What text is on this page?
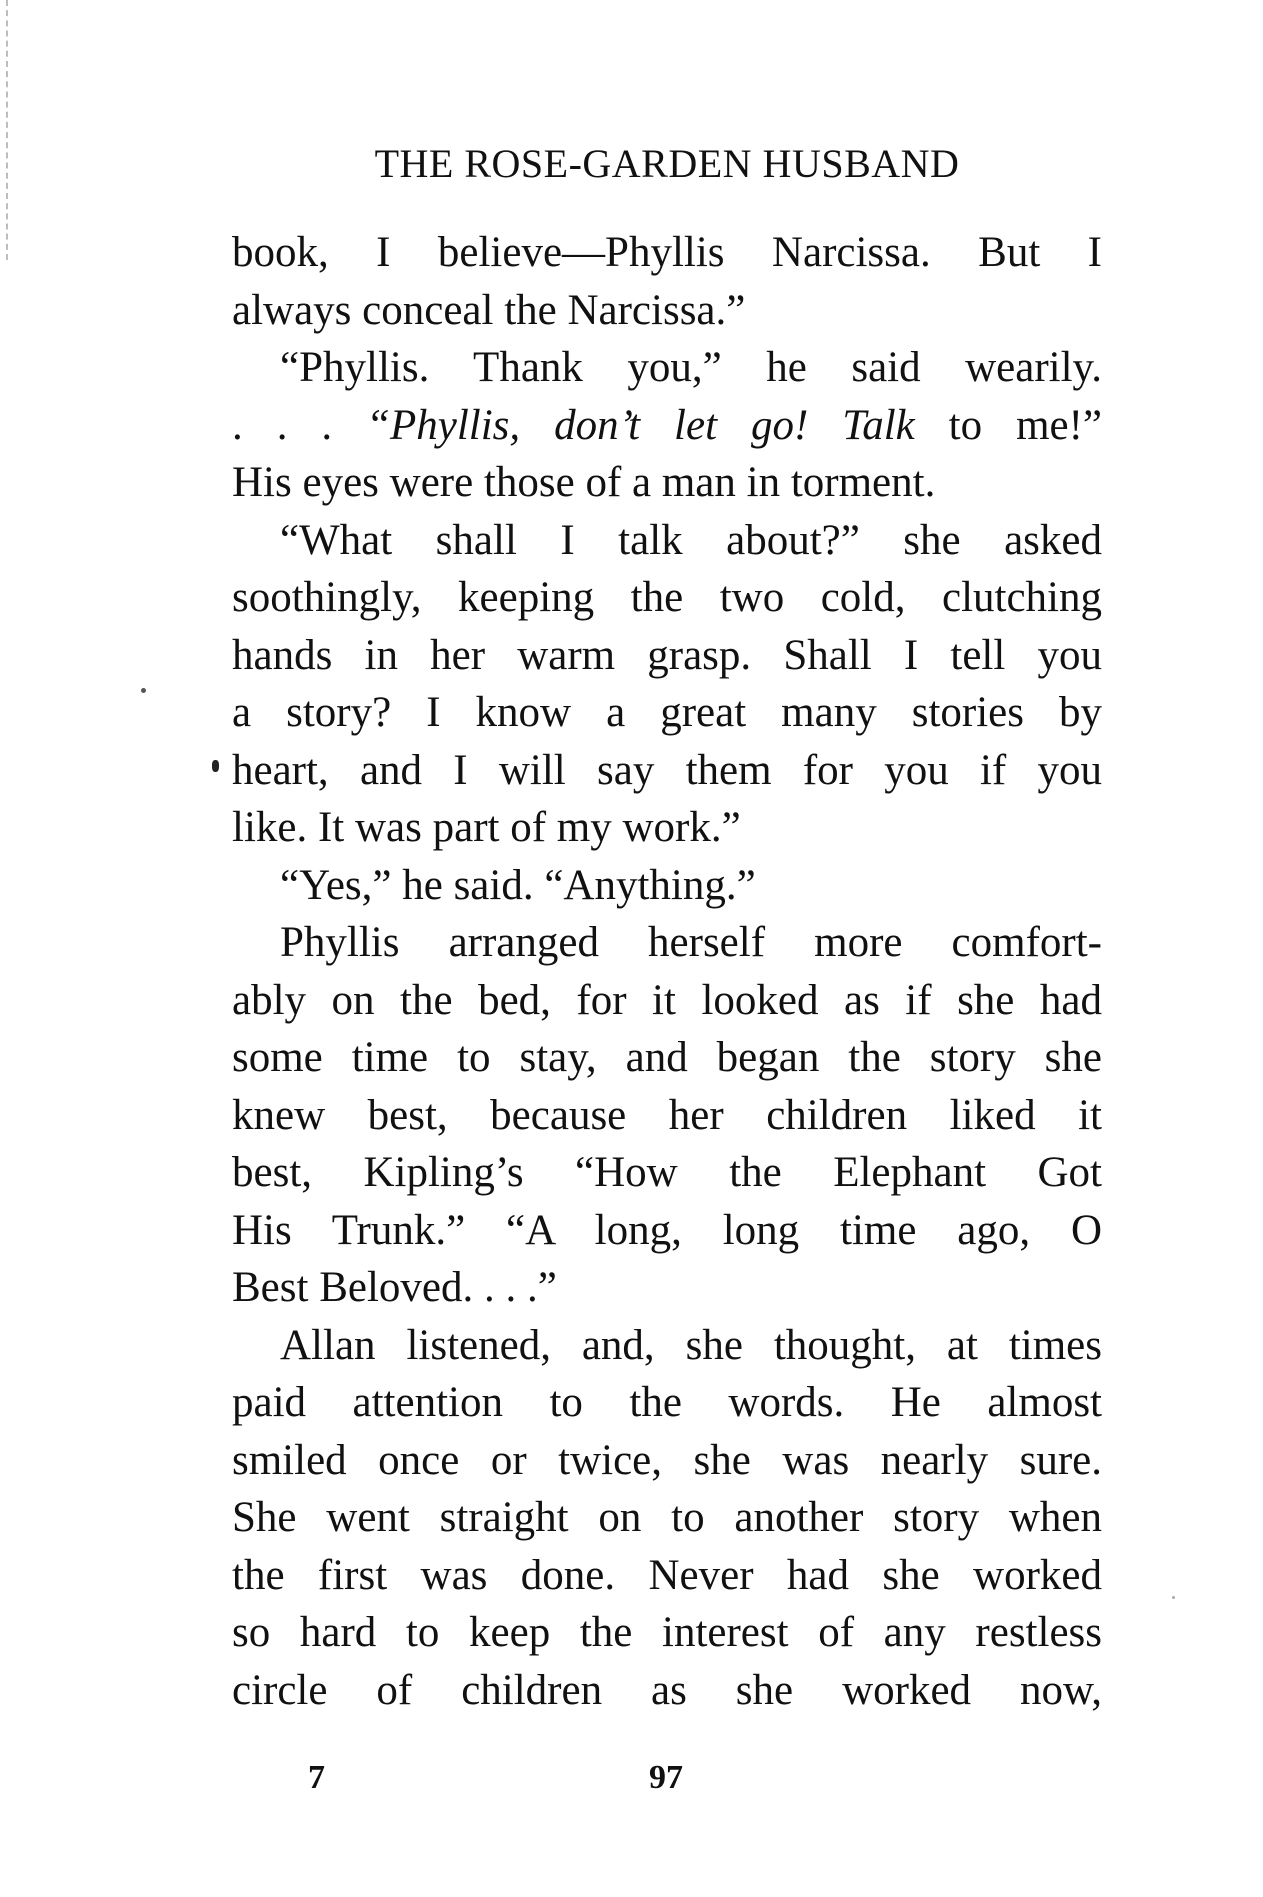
THE ROSE-GARDEN HUSBAND
book, I believe—Phyllis Narcissa. But I
always conceal the Narcissa.”
“Phyllis. Thank you,” he said wearily.
. . . “Phyllis, don’t let go! Talk to me!”
His eyes were those of a man in torment.
“What shall I talk about?” she asked
soothingly, keeping the two cold, clutching
hands in her warm grasp. Shall I tell you
a story? I know a great many stories by
heart, and I will say them for you if you
like. It was part of my work.”
“Yes,” he said. “Anything.”
Phyllis arranged herself more comfort-
ably on the bed, for it looked as if she had
some time to stay, and began the story she
knew best, because her children liked it
best, Kipling’s “How the Elephant Got
His Trunk.” “A long, long time ago, O
Best Beloved. . . .”
Allan listened, and, she thought, at times
paid attention to the words. He almost
smiled once or twice, she was nearly sure.
She went straight on to another story when
the first was done. Never had she worked
so hard to keep the interest of any restless
circle of children as she worked now,
7	97
